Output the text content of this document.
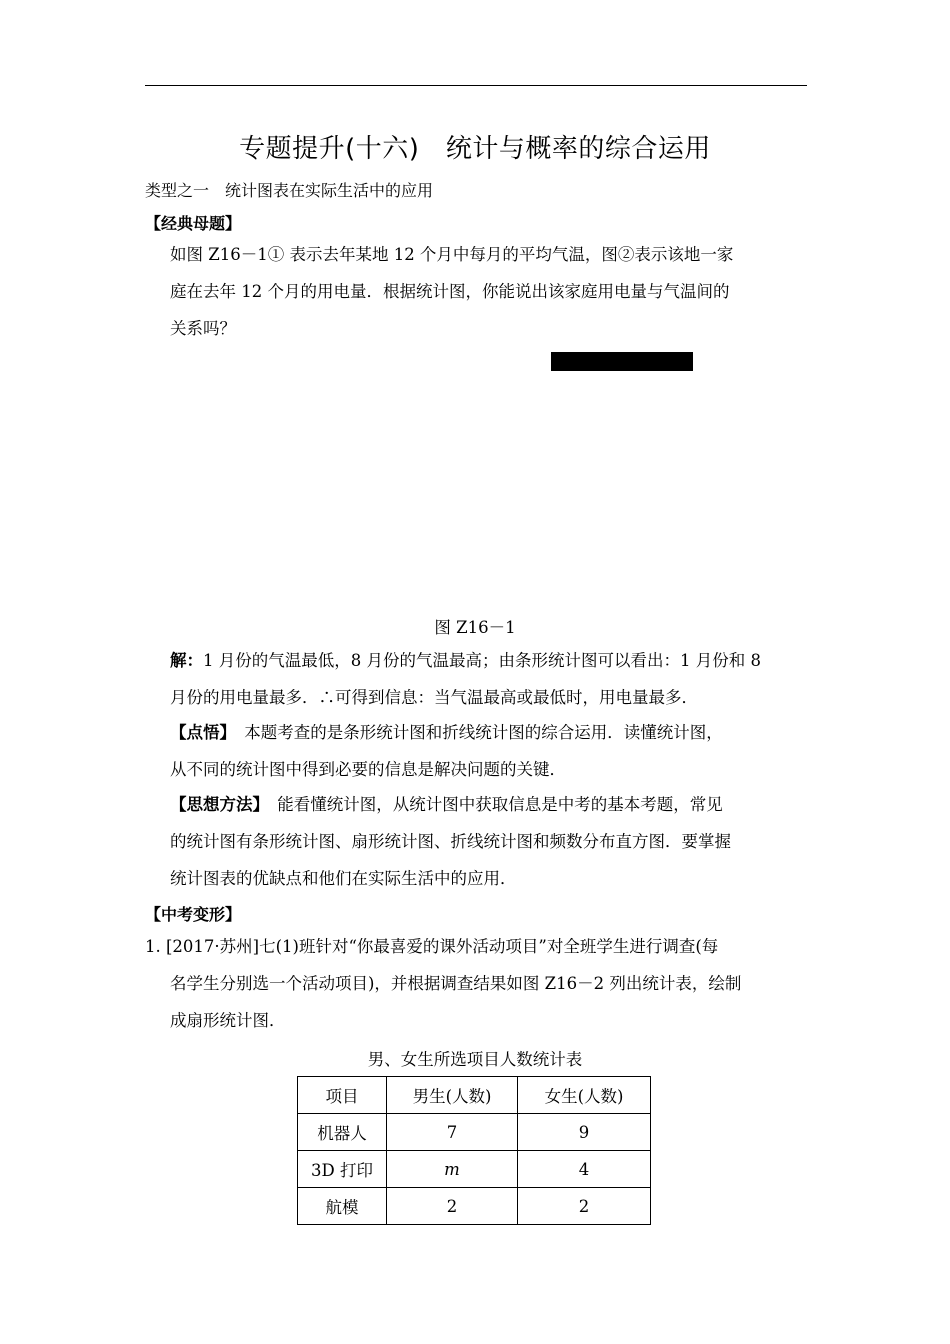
专题提升(十六)　统计与概率的综合运用
类型之一　统计图表在实际生活中的应用
【经典母题】
如图 Z16－1① 表示去年某地 12 个月中每月的平均气温，图②表示该地一家
庭在去年 12 个月的用电量．根据统计图，你能说出该家庭用电量与气温间的
关系吗？
图 Z16－1
解：1 月份的气温最低，8 月份的气温最高；由条形统计图可以看出：1 月份和 8
月份的用电量最多．∴可得到信息：当气温最高或最低时，用电量最多．
【点悟】　 本题考查的是条形统计图和折线统计图的综合运用．读懂统计图，
从不同的统计图中得到必要的信息是解决问题的关键．
【思想方法】　 能看懂统计图，从统计图中获取信息是中考的基本考题，常见
的统计图有条形统计图、扇形统计图、折线统计图和频数分布直方图．要掌握
统计图表的优缺点和他们在实际生活中的应用．
【中考变形】
1. [2017·苏州]七(1)班针对“你最喜爱的课外活动项目”对全班学生进行调查(每
名学生分别选一个活动项目)，并根据调查结果如图 Z16－2 列出统计表，绘制
成扇形统计图．
男、女生所选项目人数统计表
项目	男生(人数)	女生(人数)
机器人	7	9
3D 打印	m	4
航模	2	2
